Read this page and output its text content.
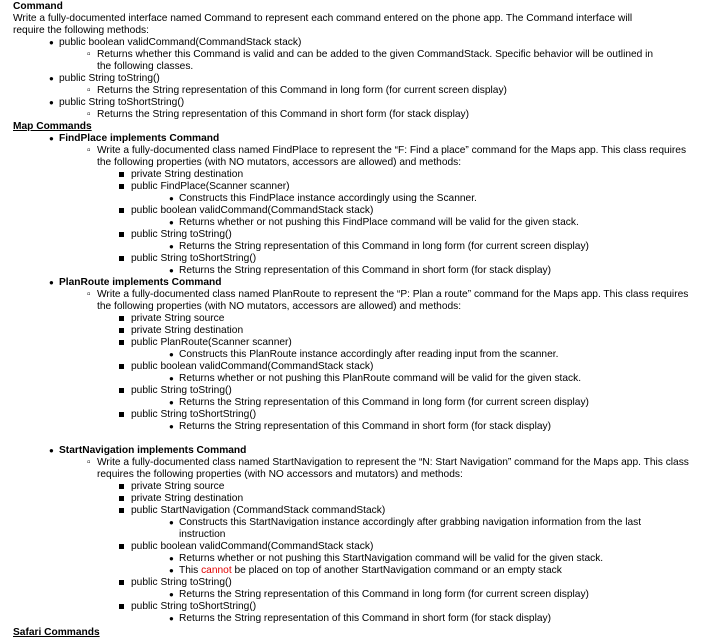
Command
Write a fully-documented interface named Command to represent each command entered on the phone app. The Command interface will require the following methods:
● public boolean validCommand(CommandStack stack)
▫ Returns whether this Command is valid and can be added to the given CommandStack. Specific behavior will be outlined in the following classes.
● public String toString()
▫ Returns the String representation of this Command in long form (for current screen display)
● public String toShortString()
▫ Returns the String representation of this Command in short form (for stack display)
Map Commands
● FindPlace implements Command
▫ Write a fully-documented class named FindPlace to represent the “F: Find a place” command for the Maps app. This class requires the following properties (with NO mutators, accessors are allowed) and methods:
private String destination
public FindPlace(Scanner scanner)
● Constructs this FindPlace instance accordingly using the Scanner.
public boolean validCommand(CommandStack stack)
● Returns whether or not pushing this FindPlace command will be valid for the given stack.
public String toString()
● Returns the String representation of this Command in long form (for current screen display)
public String toShortString()
● Returns the String representation of this Command in short form (for stack display)
● PlanRoute implements Command
▫ Write a fully-documented class named PlanRoute to represent the “P: Plan a route” command for the Maps app. This class requires the following properties (with NO mutators, accessors are allowed) and methods:
private String source
private String destination
public PlanRoute(Scanner scanner)
● Constructs this PlanRoute instance accordingly after reading input from the scanner.
public boolean validCommand(CommandStack stack)
● Returns whether or not pushing this PlanRoute command will be valid for the given stack.
public String toString()
● Returns the String representation of this Command in long form (for current screen display)
public String toShortString()
● Returns the String representation of this Command in short form (for stack display)
● StartNavigation implements Command
▫ Write a fully-documented class named StartNavigation to represent the “N: Start Navigation” command for the Maps app. This class requires the following properties (with NO accessors and mutators) and methods:
private String source
private String destination
public StartNavigation (CommandStack commandStack)
● Constructs this StartNavigation instance accordingly after grabbing navigation information from the last instruction
public boolean validCommand(CommandStack stack)
● Returns whether or not pushing this StartNavigation command will be valid for the given stack.
● This cannot be placed on top of another StartNavigation command or an empty stack
public String toString()
● Returns the String representation of this Command in long form (for current screen display)
public String toShortString()
● Returns the String representation of this Command in short form (for stack display)
Safari Commands
